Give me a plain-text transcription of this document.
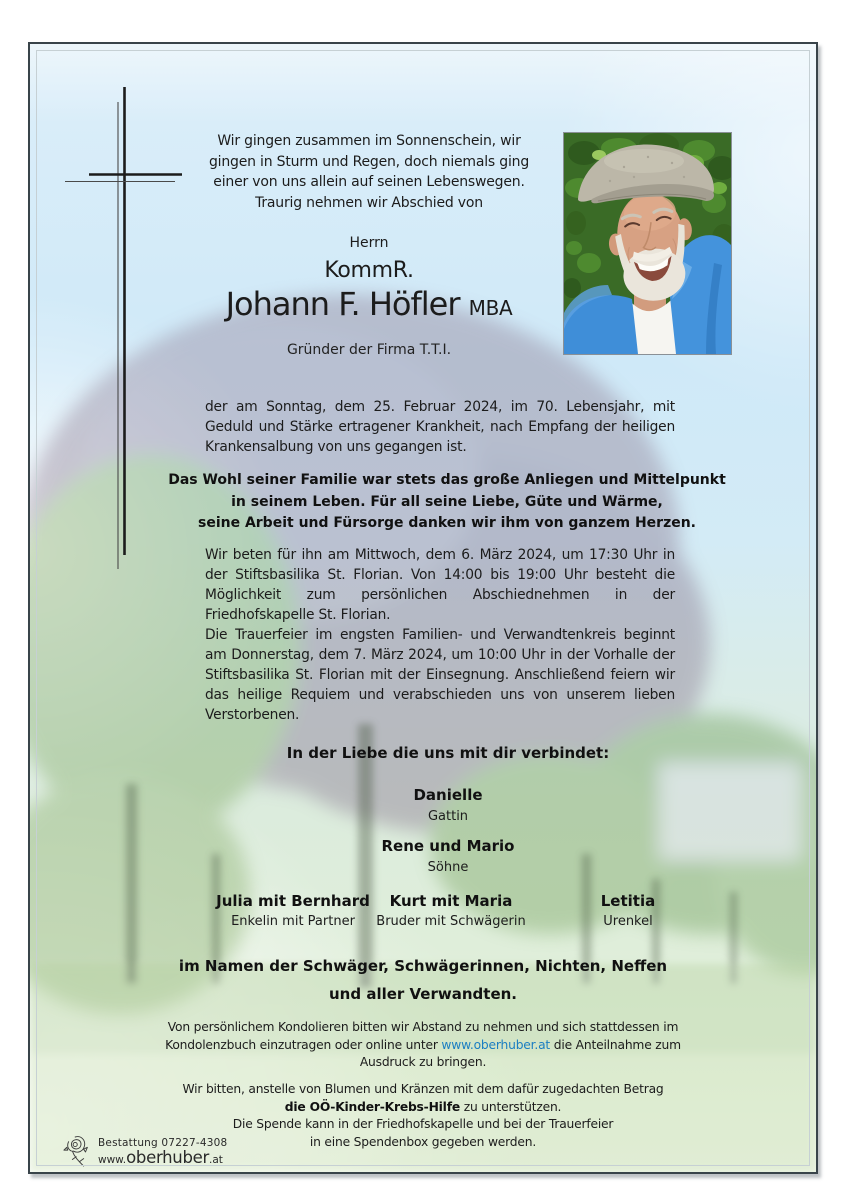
Wir gingen zusammen im Sonnenschein, wir
gingen in Sturm und Regen, doch niemals ging
einer von uns allein auf seinen Lebenswegen.
Traurig nehmen wir Abschied von
Herrn
KommR.
Johann F. Höfler MBA
Gründer der Firma T.T.I.
der am Sonntag, dem 25. Februar 2024, im 70. Lebensjahr, mit Geduld und Stärke ertragener Krankheit, nach Empfang der heiligen Krankensalbung von uns gegangen ist.
Das Wohl seiner Familie war stets das große Anliegen und Mittelpunkt
in seinem Leben. Für all seine Liebe, Güte und Wärme,
seine Arbeit und Fürsorge danken wir ihm von ganzem Herzen.
Wir beten für ihn am Mittwoch, dem 6. März 2024, um 17:30 Uhr in der Stiftsbasilika St. Florian. Von 14:00 bis 19:00 Uhr besteht die Möglichkeit zum persönlichen Abschiednehmen in der Friedhofskapelle St. Florian.
Die Trauerfeier im engsten Familien- und Verwandtenkreis beginnt am Donnerstag, dem 7. März 2024, um 10:00 Uhr in der Vorhalle der Stiftsbasilika St. Florian mit der Einsegnung. Anschließend feiern wir das heilige Requiem und verabschieden uns von unserem lieben Verstorbenen.
In der Liebe die uns mit dir verbindet:
Danielle
Gattin
Rene und Mario
Söhne
Julia mit Bernhard
Enkelin mit Partner
Kurt mit Maria
Bruder mit Schwägerin
Letitia
Urenkel
im Namen der Schwäger, Schwägerinnen, Nichten, Neffen
und aller Verwandten.
Von persönlichem Kondolieren bitten wir Abstand zu nehmen und sich stattdessen im
Kondolenzbuch einzutragen oder online unter www.oberhuber.at die Anteilnahme zum
Ausdruck zu bringen.
Wir bitten, anstelle von Blumen und Kränzen mit dem dafür zugedachten Betrag
die OÖ-Kinder-Krebs-Hilfe zu unterstützen.
Die Spende kann in der Friedhofskapelle und bei der Trauerfeier
in eine Spendenbox gegeben werden.
Bestattung 07227-4308
www. oberhuber .at
